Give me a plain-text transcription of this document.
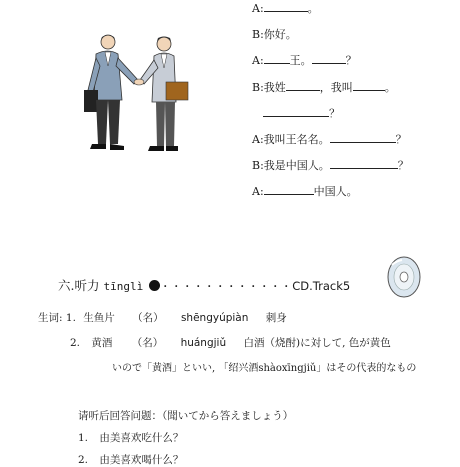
A:	。
B:你好。
A: 王。	？
B:我姓	，我叫	。
？
A:我叫王名名。	？
B:我是中国人。	？
A:	中国人。
六.听力 tīnglì ・・・・・・・・・・・・CD.Track5
生词: 1. 生鱼片 （名） shēngyúpiàn 刺身
2. 黄酒 （名） huángjiǔ 白酒（烧酎)に対して, 色が黄色
いので「黄酒」といい, 「绍兴酒shàoxīngjiǔ」はその代表的なもの
请听后回答问题：（聞いてから答えましょう）
1. 由美喜欢吃什么？
2. 由美喜欢喝什么？
